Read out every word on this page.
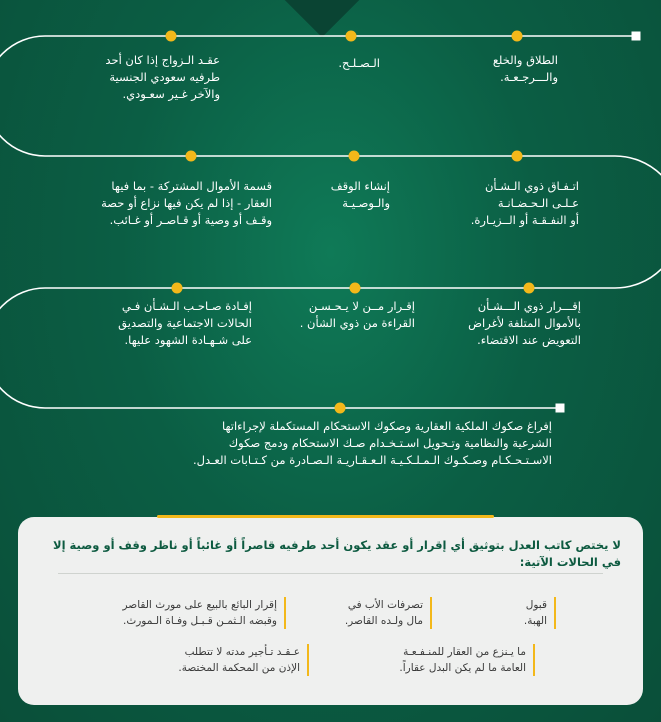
الطلاق والخلع
والـــرجـعـة.
الـصـلـح.
عقـد الـزواج إذا كان أحد
طرفيه سعودي الجنسية
والآخر غـير سعـودي.
اتـفـاق ذوي الـشـأن
عـلـى الـحـضـانـة
أو النفـقـة أو الــزيـارة.
إنشاء الوقف
والـوصـيـة
قسمة الأموال المشتركة - بما فيها
العقار - إذا لم يكن فيها نزاع أو حصة
وقـف أو وصية أو قـاصـر أو غـائب.
إقـــرار ذوي الـــشـأن
بالأموال المتلفة لأغراض
التعويض عند الاقتضاء.
إقـرار مــن لا يـحـسـن
القراءة من ذوي الشأن .
إفـادة صـاحـب الـشـأن فـي
الحالات الاجتماعية والتصديق
على شـهـادة الشهود عليها.
إفراغ صكوك الملكية العقارية وصكوك الاستحكام المستكملة لإجراءاتها
الشرعية والنظامية وتـحويل اسـتـخـدام صـك الاستحكام ودمج صكوك
الاسـتـحـكـام وصـكـوك الـمـلـكـيـة الـعـقـاريـة الـصـادرة من كـتـابات العـدل.
لا يختص كاتب العدل بتوثيق أي إقرار أو عقد يكون أحد طرفيه قاصراً أو غائباً أو ناظر وقف أو وصية إلا في الحالات الآتية:
قبول
الهبة.
تصرفات الأب في
مال ولـده القاصر.
إقرار البائع بالبيع على مورث القاصر
وقبضه الـثمـن قـبـل وفـاة الـمورث.
ما يـنزع من العقار للمنـفـعـة
العامة ما لم يكن البدل عقاراً.
عـقـد تـأجير مدته لا تتطلب
الإذن من المحكمة المختصة.
